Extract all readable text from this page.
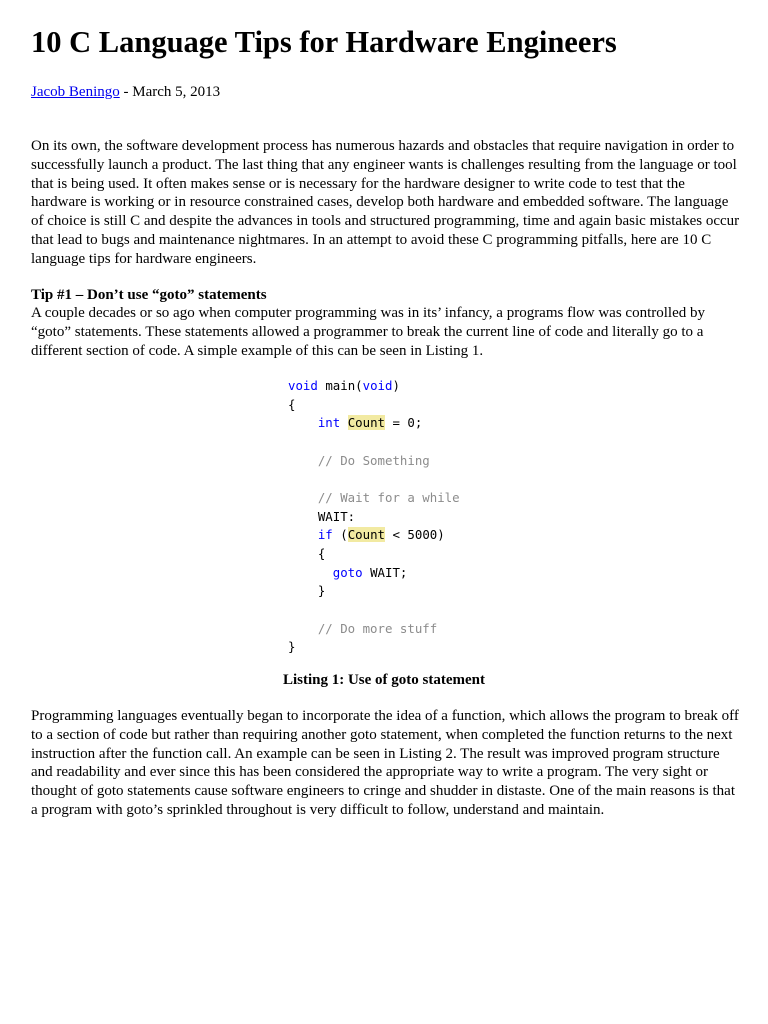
10 C Language Tips for Hardware Engineers
Jacob Beningo - March 5, 2013

On its own, the software development process has numerous hazards and obstacles that require navigation in order to successfully launch a product. The last thing that any engineer wants is challenges resulting from the language or tool that is being used. It often makes sense or is necessary for the hardware designer to write code to test that the hardware is working or in resource constrained cases, develop both hardware and embedded software. The language of choice is still C and despite the advances in tools and structured programming, time and again basic mistakes occur that lead to bugs and maintenance nightmares. In an attempt to avoid these C programming pitfalls, here are 10 C language tips for hardware engineers.

Tip #1 – Don’t use “goto” statements

A couple decades or so ago when computer programming was in its’ infancy, a programs flow was controlled by “goto” statements. These statements allowed a programmer to break the current line of code and literally go to a different section of code. A simple example of this can be seen in Listing 1.

void main(void)
{
int Count = 0;

// Do Something

// Wait for a while
WAIT:
if (Count < 5000)
{
goto WAIT;
}

// Do more stuff
}

Listing 1: Use of goto statement

Programming languages eventually began to incorporate the idea of a function, which allows the program to break off to a section of code but rather than requiring another goto statement, when completed the function returns to the next instruction after the function call. An example can be seen in Listing 2. The result was improved program structure and readability and ever since this has been considered the appropriate way to write a program. The very sight or thought of goto statements cause software engineers to cringe and shudder in distaste. One of the main reasons is that a program with goto’s sprinkled throughout is very difficult to follow, understand and maintain.
